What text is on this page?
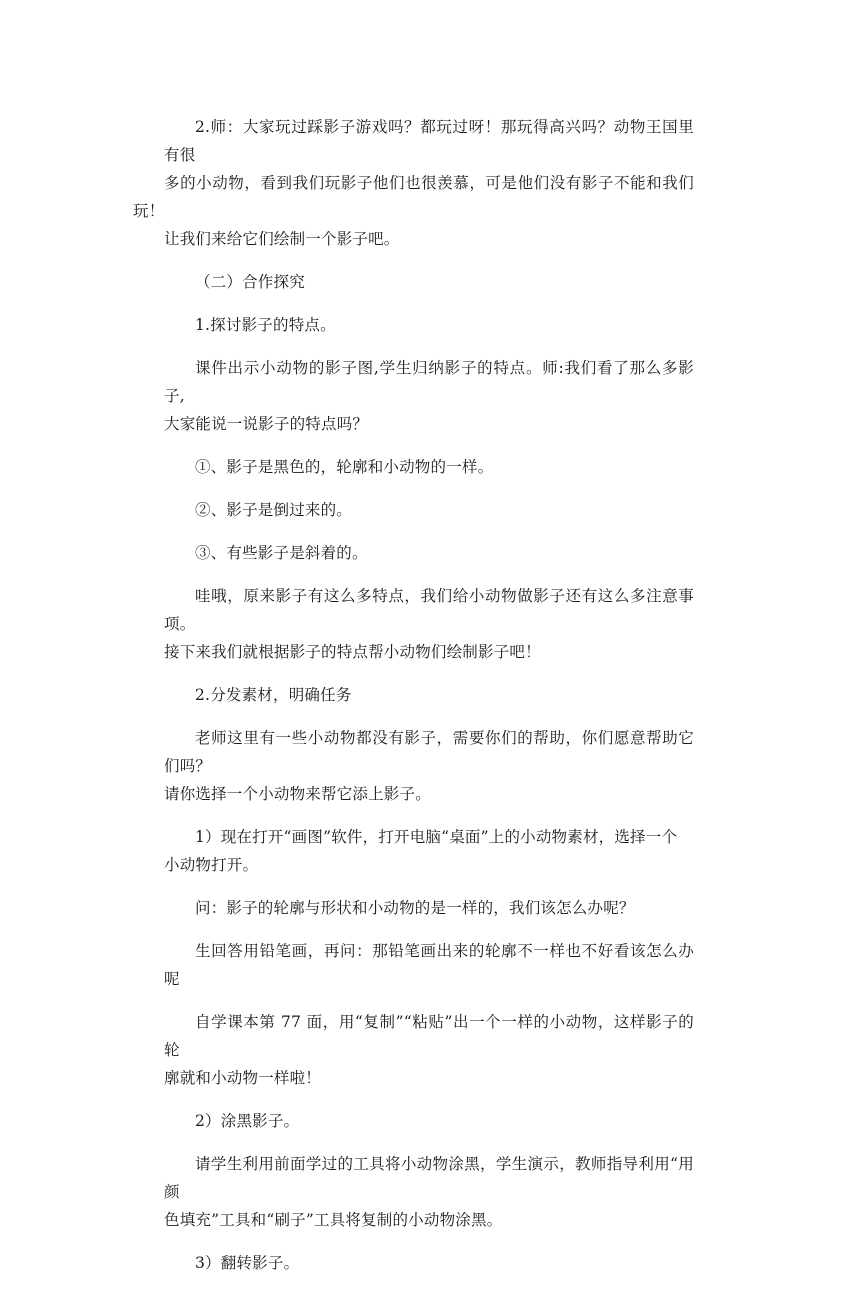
2.师：大家玩过踩影子游戏吗？都玩过呀！那玩得高兴吗？动物王国里有很
多的小动物，看到我们玩影子他们也很羡慕，可是他们没有影子不能和我们玩！
让我们来给它们绘制一个影子吧。
（二）合作探究
1.探讨影子的特点。
课件出示小动物的影子图,学生归纳影子的特点。师:我们看了那么多影子,
大家能说一说影子的特点吗？
①、影子是黑色的，轮廓和小动物的一样。
②、影子是倒过来的。
③、有些影子是斜着的。
哇哦，原来影子有这么多特点，我们给小动物做影子还有这么多注意事项。
接下来我们就根据影子的特点帮小动物们绘制影子吧！
2.分发素材，明确任务
老师这里有一些小动物都没有影子，需要你们的帮助，你们愿意帮助它们吗？
请你选择一个小动物来帮它添上影子。
1）现在打开“画图”软件，打开电脑“桌面”上的小动物素材，选择一个
小动物打开。
问：影子的轮廓与形状和小动物的是一样的，我们该怎么办呢？
生回答用铅笔画，再问：那铅笔画出来的轮廓不一样也不好看该怎么办呢
自学课本第 77 面，用“复制”“粘贴”出一个一样的小动物，这样影子的轮
廓就和小动物一样啦！
2）涂黑影子。
请学生利用前面学过的工具将小动物涂黑，学生演示，教师指导利用“用颜
色填充”工具和“刷子”工具将复制的小动物涂黑。
3）翻转影子。
